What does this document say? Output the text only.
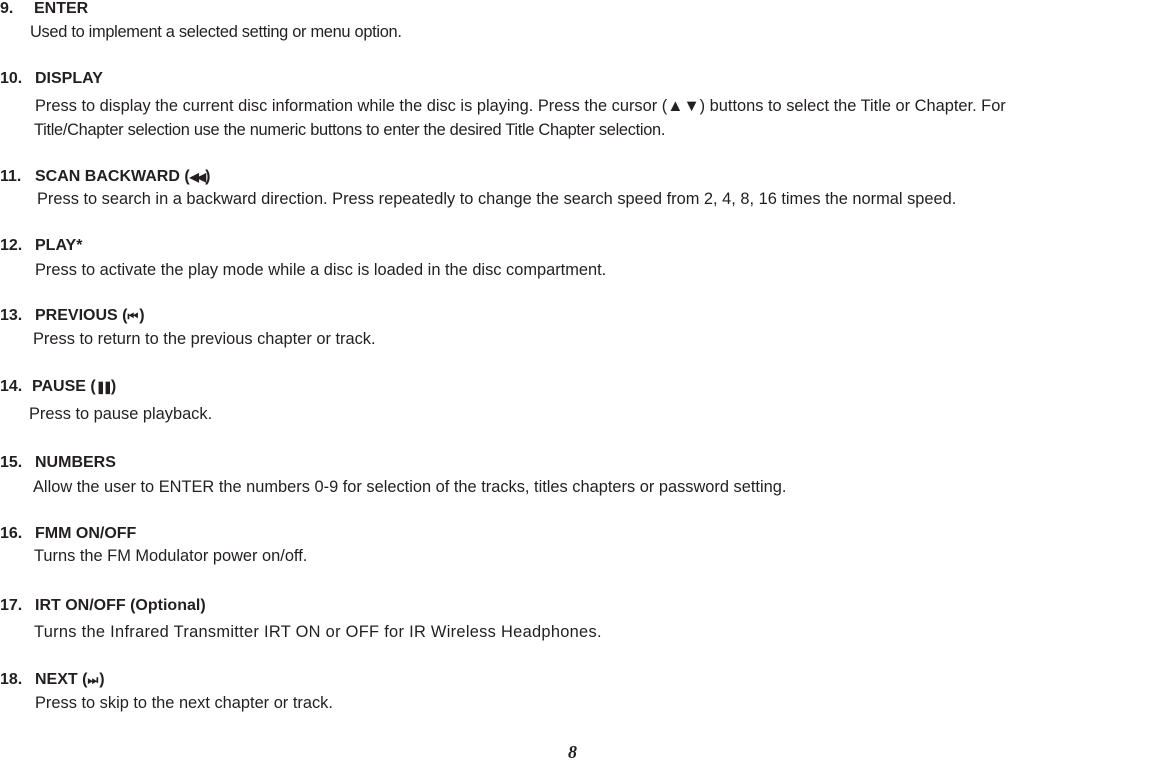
9. ENTER
Used to implement a selected setting or menu option.
10. DISPLAY
Press to display the current disc information while the disc is playing. Press the cursor (▲▼) buttons to select the Title or Chapter. For
Title/Chapter selection use the numeric buttons to enter the desired Title Chapter selection.
11. SCAN BACKWARD (◀◀)
Press to search in a backward direction. Press repeatedly to change the search speed from 2, 4, 8, 16 times the normal speed.
12. PLAY*
Press to activate the play mode while a disc is loaded in the disc compartment.
13. PREVIOUS (⏮)
Press to return to the previous chapter or track.
14. PAUSE (❚❚)
Press to pause playback.
15. NUMBERS
Allow the user to ENTER the numbers 0-9 for selection of the tracks, titles chapters or password setting.
16. FMM ON/OFF
Turns the FM Modulator power on/off.
17. IRT ON/OFF (Optional)
Turns the Infrared Transmitter IRT ON or OFF for IR Wireless Headphones.
18. NEXT (⏭)
Press to skip to the next chapter or track.
8
